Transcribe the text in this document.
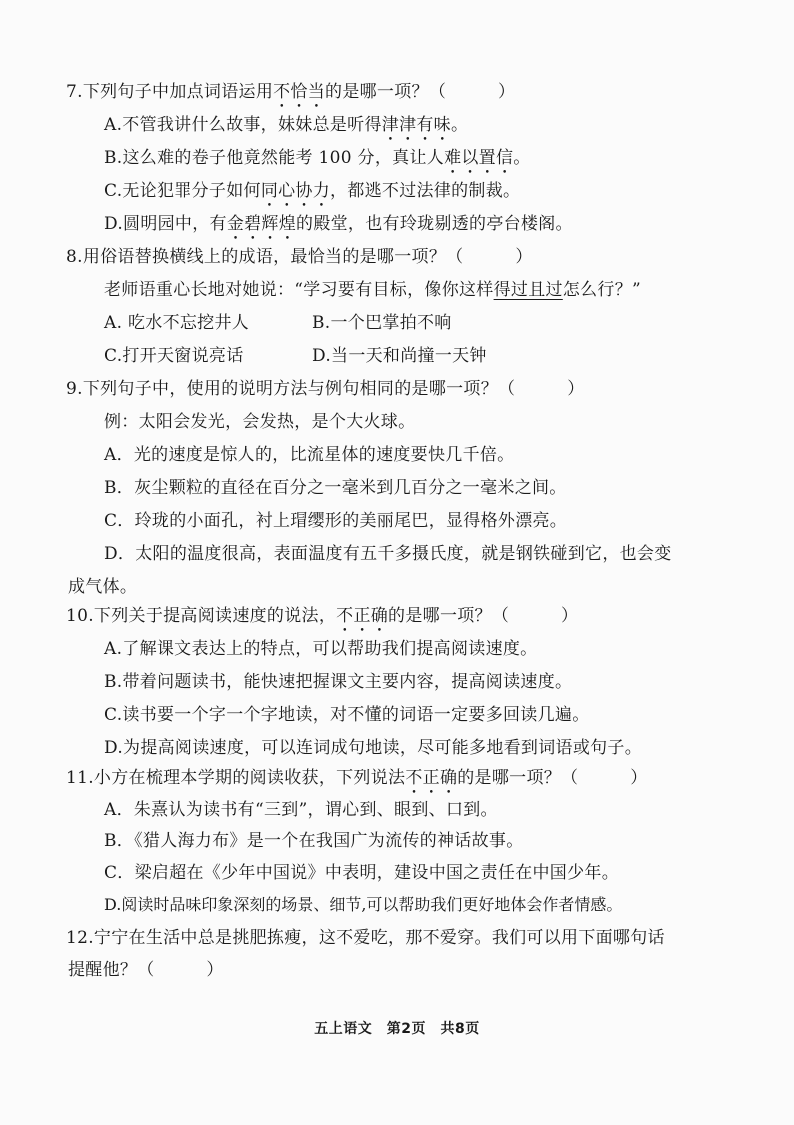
7.下列句子中加点词语运用不恰当的是哪一项？（　　　）
A.不管我讲什么故事，妹妹总是听得津津有味。
B.这么难的卷子他竟然能考 100 分，真让人难以置信。
C.无论犯罪分子如何同心协力，都逃不过法律的制裁。
D.圆明园中，有金碧辉煌的殿堂，也有玲珑剔透的亭台楼阁。
8.用俗语替换横线上的成语，最恰当的是哪一项？（　　　）
老师语重心长地对她说：“学习要有目标，像你这样得过且过怎么行？”
A. 吃水不忘挖井人	B.一个巴掌拍不响
C.打开天窗说亮话	D.当一天和尚撞一天钟
9.下列句子中，使用的说明方法与例句相同的是哪一项？（　　　）
例：太阳会发光，会发热，是个大火球。
A．光的速度是惊人的，比流星体的速度要快几千倍。
B．灰尘颗粒的直径在百分之一毫米到几百分之一毫米之间。
C．玲珑的小面孔，衬上瑁缨形的美丽尾巴，显得格外漂亮。
D．太阳的温度很高，表面温度有五千多摄氏度，就是钢铁碰到它，也会变
成气体。
10.下列关于提高阅读速度的说法，不正确的是哪一项？（　　　）
A.了解课文表达上的特点，可以帮助我们提高阅读速度。
B.带着问题读书，能快速把握课文主要内容，提高阅读速度。
C.读书要一个字一个字地读，对不懂的词语一定要多回读几遍。
D.为提高阅读速度，可以连词成句地读，尽可能多地看到词语或句子。
11.小方在梳理本学期的阅读收获，下列说法不正确的是哪一项？（　　　）
A．朱熹认为读书有“三到”，谓心到、眼到、口到。
B．《猎人海力布》是一个在我国广为流传的神话故事。
C．梁启超在《少年中国说》中表明，建设中国之责任在中国少年。
D.阅读时品味印象深刻的场景、细节,可以帮助我们更好地体会作者情感。
12.宁宁在生活中总是挑肥拣瘦，这不爱吃，那不爱穿。我们可以用下面哪句话
提醒他？（　　　）
五上语文　第2页　共8页
